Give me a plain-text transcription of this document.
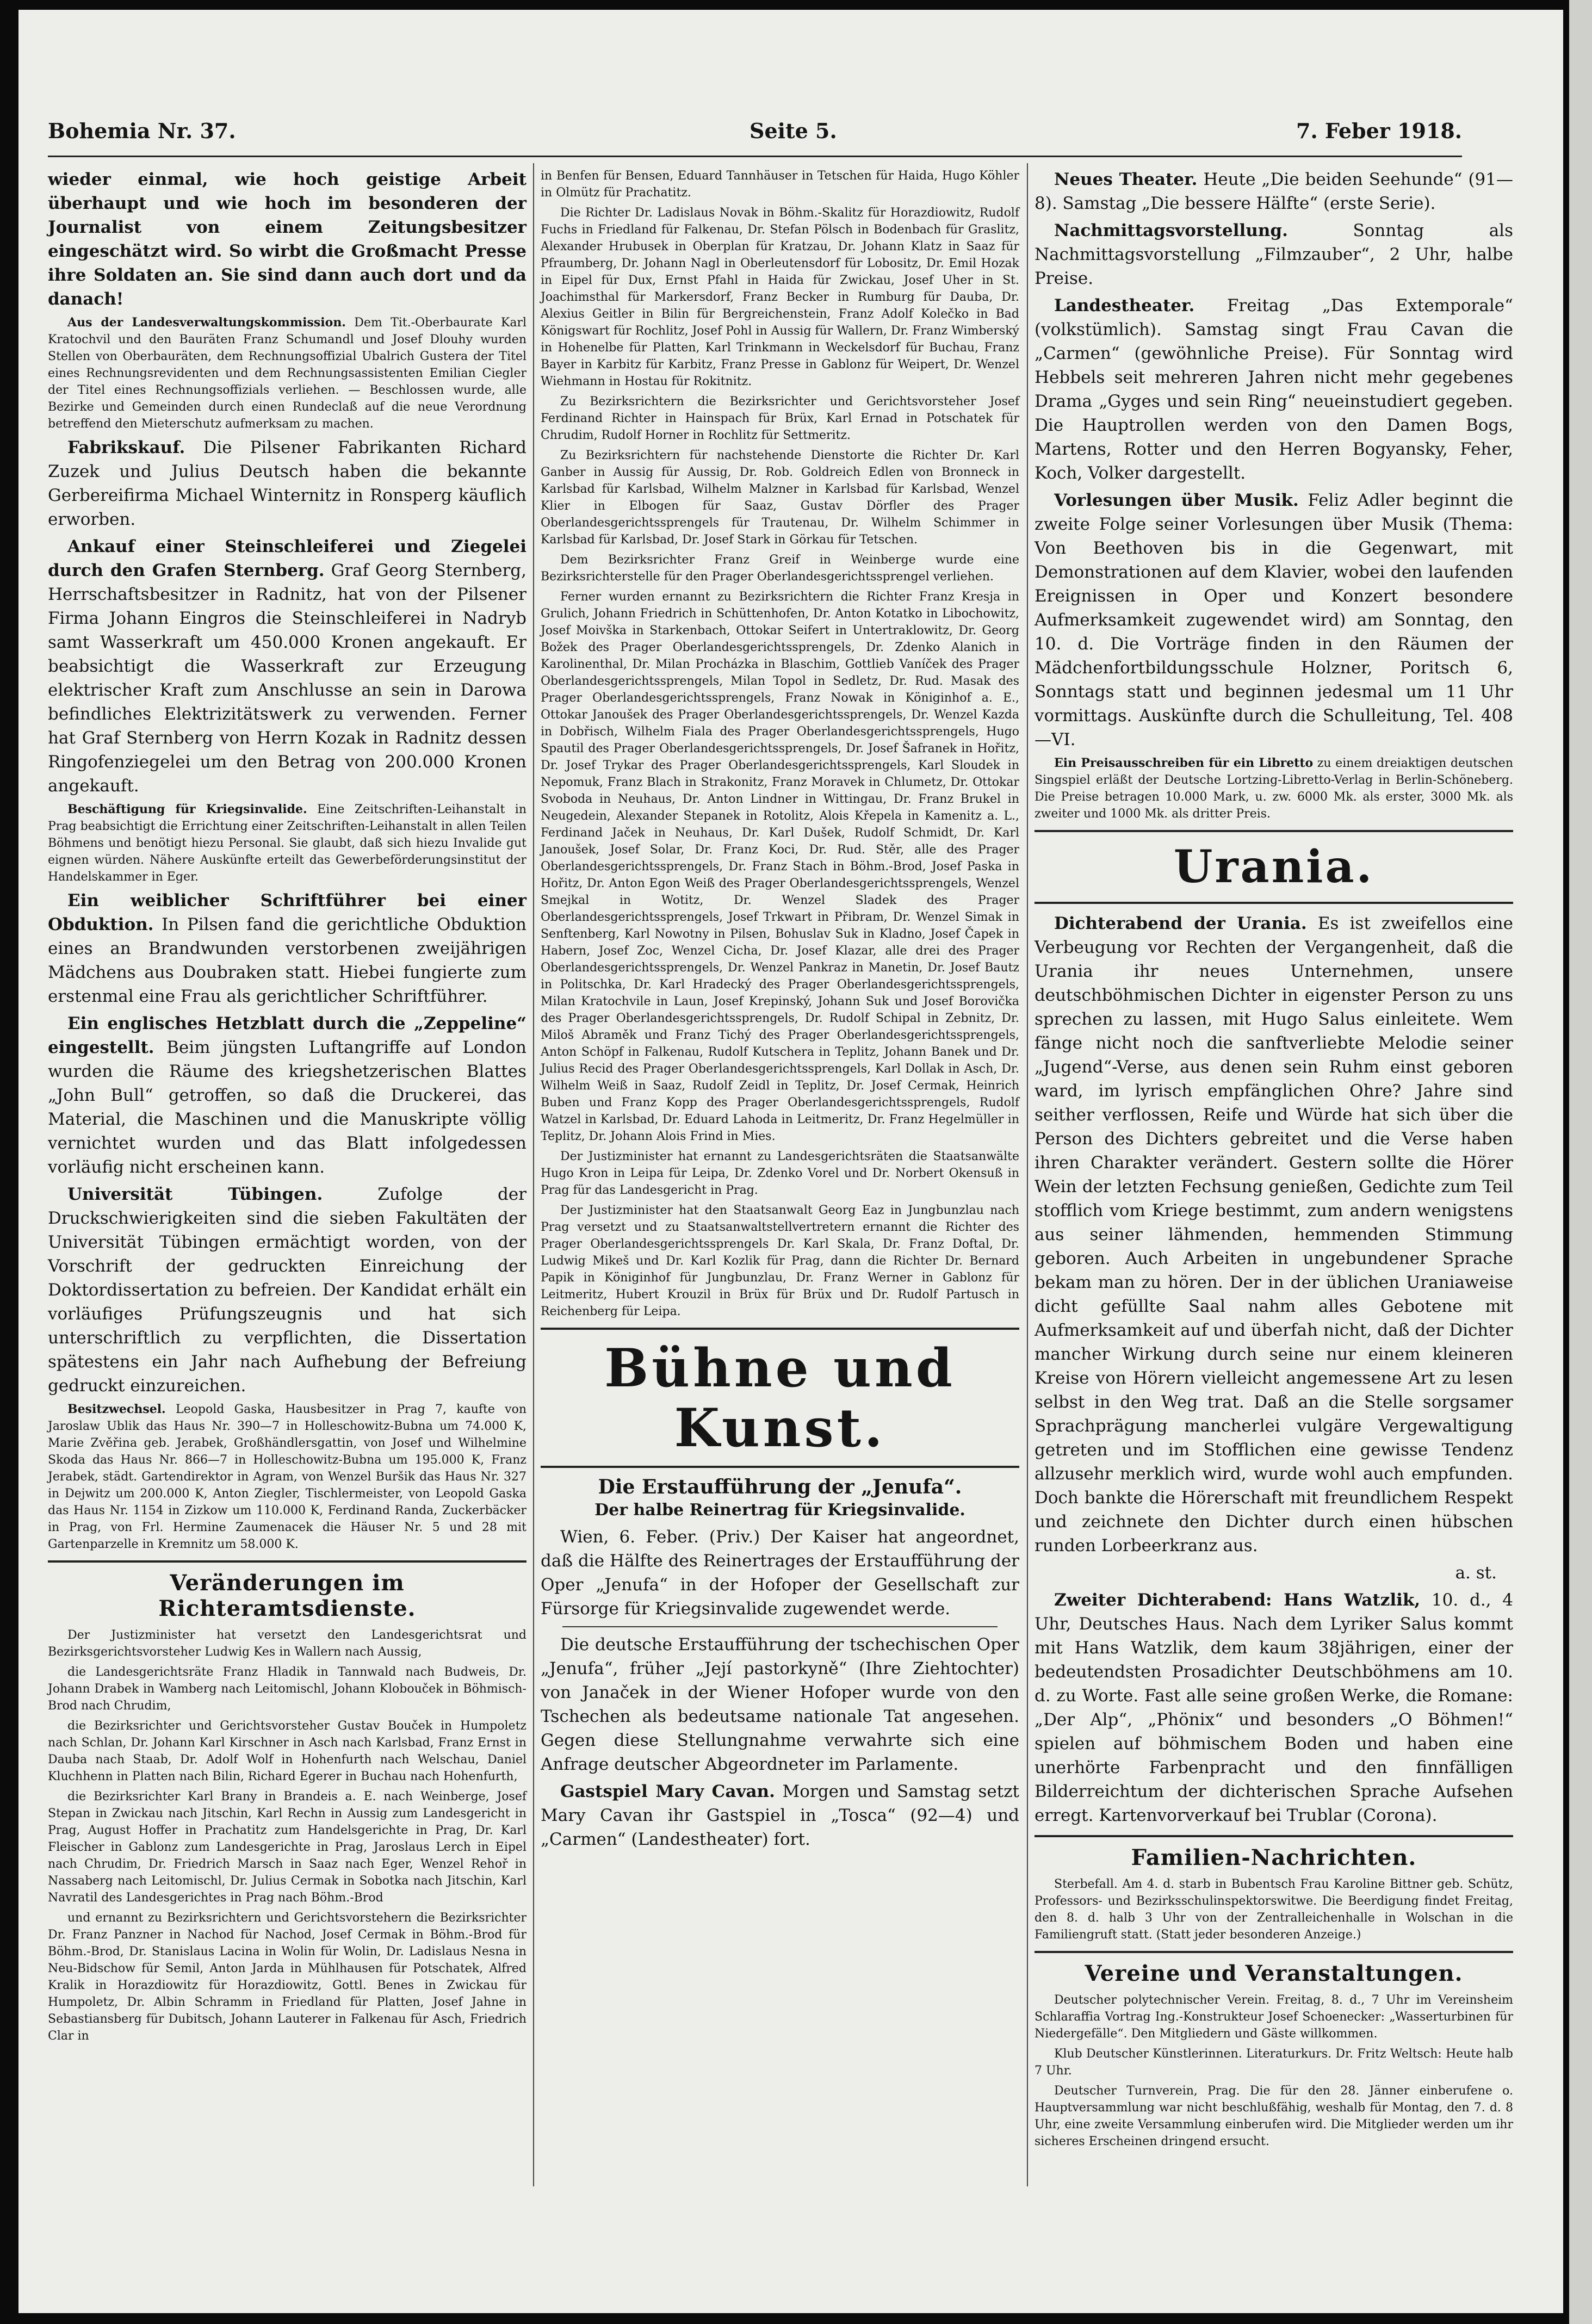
Bohemia Nr. 37.	Seite 5.	7. Feber 1918.

wieder einmal, wie hoch geistige Arbeit überhaupt und wie hoch im besonderen der Journalist von einem Zeitungsbesitzer eingeschätzt wird. So wirbt die Großmacht Presse ihre Soldaten an. Sie sind dann auch dort und da danach!

Aus der Landesverwaltungskommission. Dem Tit.-Oberbaurate Karl Kratochvil und den Bauräten Franz Schumandl und Josef Dlouhy wurden Stellen von Oberbauräten, dem Rechnungsoffizial Ubalrich Gustera der Titel eines Rechnungsrevidenten und dem Rechnungsassistenten Emilian Ciegler der Titel eines Rechnungsoffizials verliehen. — Beschlossen wurde, alle Bezirke und Gemeinden durch einen Rundeclaß auf die neue Verordnung betreffend den Mieterschutz aufmerksam zu machen.

Fabrikskauf. Die Pilsener Fabrikanten Richard Zuzek und Julius Deutsch haben die bekannte Gerbereifirma Michael Winternitz in Ronsperg käuflich erworben.

Ankauf einer Steinschleiferei und Ziegelei durch den Grafen Sternberg. Graf Georg Sternberg, Herrschaftsbesitzer in Radnitz, hat von der Pilsener Firma Johann Eingros die Steinschleiferei in Nadryb samt Wasserkraft um 450.000 Kronen angekauft. Er beabsichtigt die Wasserkraft zur Erzeugung elektrischer Kraft zum Anschlusse an sein in Darowa befindliches Elektrizitätswerk zu verwenden. Ferner hat Graf Sternberg von Herrn Kozak in Radnitz dessen Ringofenziegelei um den Betrag von 200.000 Kronen angekauft.

Beschäftigung für Kriegsinvalide. Eine Zeitschriften-Leihanstalt in Prag beabsichtigt die Errichtung einer Zeitschriften-Leihanstalt in allen Teilen Böhmens und benötigt hiezu Personal. Sie glaubt, daß sich hiezu Invalide gut eignen würden. Nähere Auskünfte erteilt das Gewerbeförderungsinstitut der Handelskammer in Eger.

Ein weiblicher Schriftführer bei einer Obduktion. In Pilsen fand die gerichtliche Obduktion eines an Brandwunden verstorbenen zweijährigen Mädchens aus Doubraken statt. Hiebei fungierte zum erstenmal eine Frau als gerichtlicher Schriftführer.

Ein englisches Hetzblatt durch die „Zeppeline“ eingestellt. Beim jüngsten Luftangriffe auf London wurden die Räume des kriegshetzerischen Blattes „John Bull“ getroffen, so daß die Druckerei, das Material, die Maschinen und die Manuskripte völlig vernichtet wurden und das Blatt infolgedessen vorläufig nicht erscheinen kann.

Universität Tübingen.	Zufolge der Druckschwierigkeiten sind die sieben Fakultäten der Universität Tübingen ermächtigt worden, von der Vorschrift der gedruckten Einreichung der Doktordissertation zu befreien. Der Kandidat erhält ein vorläufiges Prüfungszeugnis und hat sich unterschriftlich zu verpflichten, die Dissertation spätestens ein Jahr nach Aufhebung der Befreiung gedruckt einzureichen.

Besitzwechsel. Leopold Gaska, Hausbesitzer in Prag 7, kaufte von Jaroslaw Ublik das Haus Nr. 390—7 in Holleschowitz-Bubna um 74.000 K, Marie Zvěřina geb. Jerabek, Großhändlersgattin, von Josef und Wilhelmine Skoda das Haus Nr. 866—7 in Holleschowitz-Bubna um 195.000 K, Franz Jerabek, städt. Gartendirektor in Agram, von Wenzel Buršik das Haus Nr. 327 in Dejwitz um 200.000 K, Anton Ziegler, Tischlermeister, von Leopold Gaska das Haus Nr. 1154 in Zizkow um 110.000 K, Ferdinand Randa, Zuckerbäcker in Prag, von Frl. Hermine Zaumenacek die Häuser Nr. 5 und 28 mit Gartenparzelle in Kremnitz um 58.000 K.

Veränderungen im Richteramtsdienste.

Der Justizminister hat versetzt den Landesgerichtsrat und Bezirksgerichtsvorsteher Ludwig Kes in Wallern nach Aussig,

die Landesgerichtsräte Franz Hladik in Tannwald nach Budweis, Dr. Johann Drabek in Wamberg nach Leitomischl, Johann Klobouček in Böhmisch-Brod nach Chrudim,

die Bezirksrichter und Gerichtsvorsteher Gustav Bouček in Humpoletz nach Schlan, Dr. Johann Karl Kirschner in Asch nach Karlsbad, Franz Ernst in Dauba nach Staab, Dr. Adolf Wolf in Hohenfurth nach Welschau, Daniel Kluchhenn in Platten nach Bilin, Richard Egerer in Buchau nach Hohenfurth,

die Bezirksrichter Karl Brany in Brandeis a. E. nach Weinberge, Josef Stepan in Zwickau nach Jitschin, Karl Rechn in Aussig zum Landesgericht in Prag, August Hoffer in Prachatitz zum Handelsgerichte in Prag, Dr. Karl Fleischer in Gablonz zum Landesgerichte in Prag, Jaroslaus Lerch in Eipel nach Chrudim, Dr. Friedrich Marsch in Saaz nach Eger, Wenzel Rehoř in Nassaberg nach Leitomischl, Dr. Julius Cermak in Sobotka nach Jitschin, Karl Navratil des Landesgerichtes in Prag nach Böhm.-Brod

und ernannt zu Bezirksrichtern und Gerichtsvorstehern die Bezirksrichter Dr. Franz Panzner in Nachod für Nachod, Josef Cermak in Böhm.-Brod für Böhm.-Brod, Dr. Stanislaus Lacina in Wolin für Wolin, Dr. Ladislaus Nesna in Neu-Bidschow für Semil, Anton Jarda in Mühlhausen für Potschatek, Alfred Kralik in Horazdiowitz für Horazdiowitz, Gottl. Benes in Zwickau für Humpoletz, Dr. Albin Schramm in Friedland für Platten, Josef Jahne in Sebastiansberg für Dubitsch, Johann Lauterer in Falkenau für Asch, Friedrich Clar in

in Benfen für Bensen, Eduard Tannhäuser in Tetschen für Haida, Hugo Köhler in Olmütz für Prachatitz.

Die Richter Dr. Ladislaus Novak in Böhm.-Skalitz für Horazdiowitz, Rudolf Fuchs in Friedland für Falkenau, Dr. Stefan Pölsch in Bodenbach für Graslitz, Alexander Hrubusek in Oberplan für Kratzau, Dr. Johann Klatz in Saaz für Pfraumberg, Dr. Johann Nagl in Oberleutensdorf für Lobositz, Dr. Emil Hozak in Eipel für Dux, Ernst Pfahl in Haida für Zwickau, Josef Uher in St. Joachimsthal für Markersdorf, Franz Becker in Rumburg für Dauba, Dr. Alexius Geitler in Bilin für Bergreichenstein, Franz Adolf Kolečko in Bad Königswart für Rochlitz, Josef Pohl in Aussig für Wallern, Dr. Franz Wimberský in Hohenelbe für Platten, Karl Trinkmann in Weckelsdorf für Buchau, Franz Bayer in Karbitz für Karbitz, Franz Presse in Gablonz für Weipert, Dr. Wenzel Wiehmann in Hostau für Rokitnitz.

Zu Bezirksrichtern die Bezirksrichter und Gerichtsvorsteher Josef Ferdinand Richter in Hainspach für Brüx, Karl Ernad in Potschatek für Chrudim, Rudolf Horner in Rochlitz für Settmeritz.

Zu Bezirksrichtern für nachstehende Dienstorte die Richter Dr. Karl Ganber in Aussig für Aussig, Dr. Rob. Goldreich Edlen von Bronneck in Karlsbad für Karlsbad, Wilhelm Malzner in Karlsbad für Karlsbad, Wenzel Klier in Elbogen für Saaz, Gustav Dörfler des Prager Oberlandesgerichtssprengels für Trautenau, Dr. Wilhelm Schimmer in Karlsbad für Karlsbad, Dr. Josef Stark in Görkau für Tetschen.

Dem Bezirksrichter Franz Greif in Weinberge wurde eine Bezirksrichterstelle für den Prager Oberlandesgerichtssprengel verliehen.

Ferner wurden ernannt zu Bezirksrichtern die Richter Franz Kresja in Grulich, Johann Friedrich in Schüttenhofen, Dr. Anton Kotatko in Libochowitz, Josef Moivška in Starkenbach, Ottokar Seifert in Untertraklowitz, Dr. Georg Božek des Prager Oberlandesgerichtssprengels, Dr. Zdenko Alanich in Karolinenthal, Dr. Milan Procházka in Blaschim, Gottlieb Vaníček des Prager Oberlandesgerichtssprengels, Milan Topol in Sedletz, Dr. Rud. Masak des Prager Oberlandesgerichtssprengels, Franz Nowak in Königinhof a. E., Ottokar Janoušek des Prager Oberlandesgerichtssprengels, Dr. Wenzel Kazda in Dobřisch, Wilhelm Fiala des Prager Oberlandesgerichtssprengels, Hugo Spautil des Prager Oberlandesgerichtssprengels, Dr. Josef Šafranek in Hořitz, Dr. Josef Trykar des Prager Oberlandesgerichtssprengels, Karl Sloudek in Nepomuk, Franz Blach in Strakonitz, Franz Moravek in Chlumetz, Dr. Ottokar Svoboda in Neuhaus, Dr. Anton Lindner in Wittingau, Dr. Franz Brukel in Neugedein, Alexander Stepanek in Rotolitz, Alois Křepela in Kamenitz a. L., Ferdinand Jaček in Neuhaus, Dr. Karl Dušek, Rudolf Schmidt, Dr. Karl Janoušek, Josef Solar, Dr. Franz Koci, Dr. Rud. Stěr, alle des Prager Oberlandesgerichtssprengels, Dr. Franz Stach in Böhm.-Brod, Josef Paska in Hořitz, Dr. Anton Egon Weiß des Prager Oberlandesgerichtssprengels, Wenzel Smejkal in Wotitz, Dr. Wenzel Sladek des Prager Oberlandesgerichtssprengels, Josef Trkwart in Přibram, Dr. Wenzel Simak in Senftenberg, Karl Nowotny in Pilsen, Bohuslav Suk in Kladno, Josef Čapek in Habern, Josef Zoc, Wenzel Cicha, Dr. Josef Klazar, alle drei des Prager Oberlandesgerichtssprengels, Dr. Wenzel Pankraz in Manetin, Dr. Josef Bautz in Politschka, Dr. Karl Hradecký des Prager Oberlandesgerichtssprengels, Milan Kratochvile in Laun, Josef Krepinský, Johann Suk und Josef Borovička des Prager Oberlandesgerichtssprengels, Dr. Rudolf Schipal in Zebnitz, Dr. Miloš Abraměk und Franz Tichý des Prager Oberlandesgerichtssprengels, Anton Schöpf in Falkenau, Rudolf Kutschera in Teplitz, Johann Banek und Dr. Julius Recid des Prager Oberlandesgerichtssprengels, Karl Dollak in Asch, Dr. Wilhelm Weiß in Saaz, Rudolf Zeidl in Teplitz, Dr. Josef Cermak, Heinrich Buben und Franz Kopp des Prager Oberlandesgerichtssprengels, Rudolf Watzel in Karlsbad, Dr. Eduard Lahoda in Leitmeritz, Dr. Franz Hegelmüller in Teplitz, Dr. Johann Alois Frind in Mies.

Der Justizminister hat ernannt zu Landesgerichtsräten die Staatsanwälte Hugo Kron in Leipa für Leipa, Dr. Zdenko Vorel und Dr. Norbert Okensuß in Prag für das Landesgericht in Prag.

Der Justizminister hat den Staatsanwalt Georg Eaz in Jungbunzlau nach Prag versetzt und zu Staatsanwaltstellvertretern ernannt die Richter des Prager Oberlandesgerichtssprengels Dr. Karl Skala, Dr. Franz Doftal, Dr. Ludwig Mikeš und Dr. Karl Kozlik für Prag, dann die Richter Dr. Bernard Papik in Königinhof für Jungbunzlau, Dr. Franz Werner in Gablonz für Leitmeritz, Hubert Krouzil in Brüx für Brüx und Dr. Rudolf Partusch in Reichenberg für Leipa.

Bühne und Kunst.
Die Erstaufführung der „Jenufa“.
Der halbe Reinertrag für Kriegsinvalide.

Wien, 6. Feber. (Priv.) Der Kaiser hat angeordnet, daß die Hälfte des Reinertrages der Erstaufführung der Oper „Jenufa“ in der Hofoper der Gesellschaft zur Fürsorge für Kriegsinvalide zugewendet werde.

Die deutsche Erstaufführung der tschechischen Oper „Jenufa“, früher „Její pastorkyně“ (Ihre Ziehtochter) von Janaček in der Wiener Hofoper wurde von den Tschechen als bedeutsame nationale Tat angesehen. Gegen diese Stellungnahme verwahrte sich eine Anfrage deutscher Abgeordneter im Parlamente.

Gastspiel Mary Cavan. Morgen und Samstag setzt Mary Cavan ihr Gastspiel in „Tosca“ (92—4) und „Carmen“ (Landestheater) fort.

Neues Theater. Heute „Die beiden Seehunde“ (91—8). Samstag „Die bessere Hälfte“ (erste Serie).

Nachmittagsvorstellung.	Sonntag als Nachmittagsvorstellung „Filmzauber“, 2 Uhr, halbe Preise.

Landestheater. Freitag „Das Extemporale“ (volkstümlich). Samstag singt Frau Cavan die „Carmen“ (gewöhnliche Preise). Für Sonntag wird Hebbels seit mehreren Jahren nicht mehr gegebenes Drama „Gyges und sein Ring“ neueinstudiert gegeben. Die Hauptrollen werden von den Damen Bogs, Martens, Rotter und den Herren Bogyansky, Feher, Koch, Volker dargestellt.

Vorlesungen über Musik. Feliz Adler beginnt die zweite Folge seiner Vorlesungen über Musik (Thema: Von Beethoven bis in die Gegenwart, mit Demonstrationen auf dem Klavier, wobei den laufenden Ereignissen in Oper und Konzert besondere Aufmerksamkeit zugewendet wird) am Sonntag, den 10. d. Die Vorträge finden in den Räumen der Mädchenfortbildungsschule Holzner, Poritsch 6, Sonntags statt und beginnen jedesmal um 11 Uhr vormittags. Auskünfte durch die Schulleitung, Tel. 408—VI.

Ein Preisausschreiben für ein Libretto zu einem dreiaktigen deutschen Singspiel erläßt der Deutsche Lortzing-Libretto-Verlag in Berlin-Schöneberg. Die Preise betragen 10.000 Mark, u. zw. 6000 Mk. als erster, 3000 Mk. als zweiter und 1000 Mk. als dritter Preis.

Urania.

Dichterabend der Urania. Es ist zweifellos eine Verbeugung vor Rechten der Vergangenheit, daß die Urania ihr neues Unternehmen, unsere deutschböhmischen Dichter in eigenster Person zu uns sprechen zu lassen, mit Hugo Salus einleitete. Wem fänge nicht noch die sanftverliebte Melodie seiner „Jugend“-Verse, aus denen sein Ruhm einst geboren ward, im lyrisch empfänglichen Ohre? Jahre sind seither verflossen, Reife und Würde hat sich über die Person des Dichters gebreitet und die Verse haben ihren Charakter verändert. Gestern sollte die Hörer Wein der letzten Fechsung genießen, Gedichte zum Teil stofflich vom Kriege bestimmt, zum andern wenigstens aus seiner lähmenden, hemmenden Stimmung geboren. Auch Arbeiten in ungebundener Sprache bekam man zu hören. Der in der üblichen Uraniaweise dicht gefüllte Saal nahm alles Gebotene mit Aufmerksamkeit auf und überfah nicht, daß der Dichter mancher Wirkung durch seine nur einem kleineren Kreise von Hörern vielleicht angemessene Art zu lesen selbst in den Weg trat. Daß an die Stelle sorgsamer Sprachprägung mancherlei vulgäre Vergewaltigung getreten und im Stofflichen eine gewisse Tendenz allzusehr merklich wird, wurde wohl auch empfunden. Doch bankte die Hörerschaft mit freundlichem Respekt und zeichnete den Dichter durch einen hübschen runden Lorbeerkranz aus.

a. st.

Zweiter Dichterabend: Hans Watzlik, 10. d., 4 Uhr, Deutsches Haus. Nach dem Lyriker Salus kommt mit Hans Watzlik, dem kaum 38jährigen, einer der bedeutendsten Prosadichter Deutschböhmens am 10. d. zu Worte. Fast alle seine großen Werke, die Romane: „Der Alp“, „Phönix“ und besonders „O Böhmen!“ spielen auf böhmischem Boden und haben eine unerhörte Farbenpracht und den finnfälligen Bilderreichtum der dichterischen Sprache Aufsehen erregt. Kartenvorverkauf bei Trublar (Corona).

Familien-Nachrichten.

Sterbefall. Am 4. d. starb in Bubentsch Frau Karoline Bittner geb. Schütz, Professors- und Bezirksschulinspektorswitwe. Die Beerdigung findet Freitag, den 8. d. halb 3 Uhr von der Zentralleichenhalle in Wolschan in die Familiengruft statt. (Statt jeder besonderen Anzeige.)

Vereine und Veranstaltungen.

Deutscher polytechnischer Verein. Freitag, 8. d., 7 Uhr im Vereinsheim Schlaraffia Vortrag Ing.-Konstrukteur Josef Schoenecker: „Wasserturbinen für Niedergefälle“. Den Mitgliedern und Gäste willkommen.

Klub Deutscher Künstlerinnen. Literaturkurs. Dr. Fritz Weltsch: Heute halb 7 Uhr.

Deutscher Turnverein, Prag. Die für den 28. Jänner einberufene o. Hauptversammlung war nicht beschlußfähig, weshalb für Montag, den 7. d. 8 Uhr, eine zweite Versammlung einberufen wird. Die Mitglieder werden um ihr sicheres Erscheinen dringend ersucht.
